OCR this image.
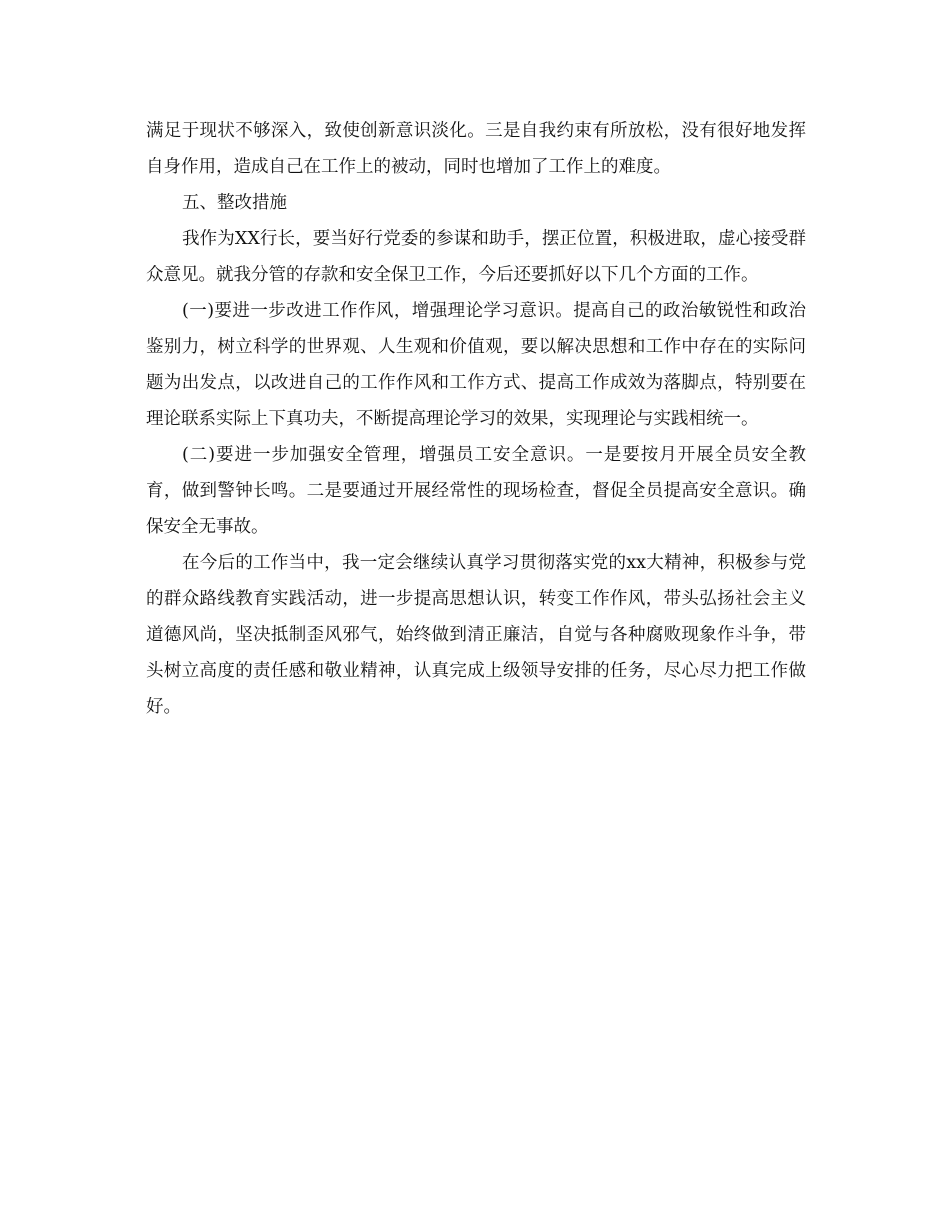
满足于现状不够深入，致使创新意识淡化。三是自我约束有所放松，没有很好地发挥自身作用，造成自己在工作上的被动，同时也增加了工作上的难度。

五、整改措施

我作为XX行长，要当好行党委的参谋和助手，摆正位置，积极进取，虚心接受群众意见。就我分管的存款和安全保卫工作，今后还要抓好以下几个方面的工作。

(一)要进一步改进工作作风，增强理论学习意识。提高自己的政治敏锐性和政治鉴别力，树立科学的世界观、人生观和价值观，要以解决思想和工作中存在的实际问题为出发点，以改进自己的工作作风和工作方式、提高工作成效为落脚点，特别要在理论联系实际上下真功夫，不断提高理论学习的效果，实现理论与实践相统一。

(二)要进一步加强安全管理，增强员工安全意识。一是要按月开展全员安全教育，做到警钟长鸣。二是要通过开展经常性的现场检查，督促全员提高安全意识。确保安全无事故。

在今后的工作当中，我一定会继续认真学习贯彻落实党的xx大精神，积极参与党的群众路线教育实践活动，进一步提高思想认识，转变工作作风，带头弘扬社会主义道德风尚，坚决抵制歪风邪气，始终做到清正廉洁，自觉与各种腐败现象作斗争，带头树立高度的责任感和敬业精神，认真完成上级领导安排的任务，尽心尽力把工作做好。
